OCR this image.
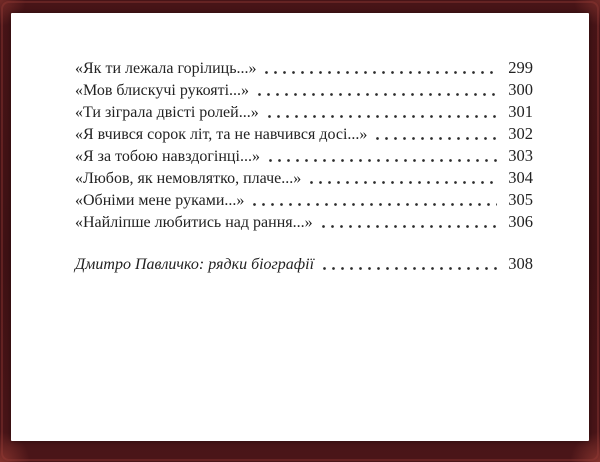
«Як ти лежала горілиць...»	299
«Мов блискучі рукояті...»	300
«Ти зіграла двісті ролей...»	301
«Я вчився сорок літ, та не навчився досі...»	302
«Я за тобою навздогінці...»	303
«Любов, як немовлятко, плаче...»	304
«Обніми мене руками...»	305
«Найліпше любитись над рання...»	306
Дмитро Павличко: рядки біографії	308
